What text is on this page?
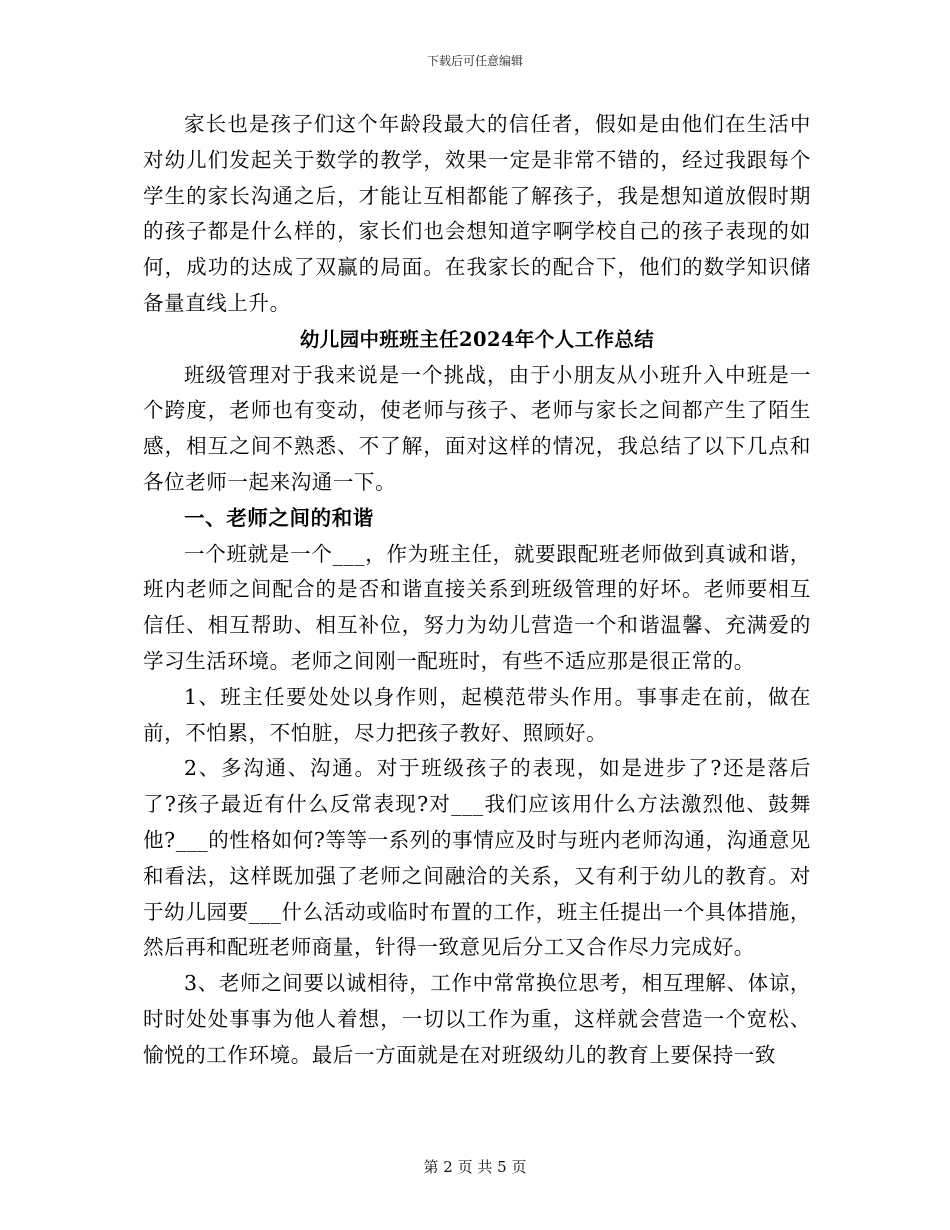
下载后可任意编辑

家长也是孩子们这个年龄段最大的信任者，假如是由他们在生活中对幼儿们发起关于数学的教学，效果一定是非常不错的，经过我跟每个学生的家长沟通之后，才能让互相都能了解孩子，我是想知道放假时期的孩子都是什么样的，家长们也会想知道字啊学校自己的孩子表现的如何，成功的达成了双赢的局面。在我家长的配合下，他们的数学知识储备量直线上升。

幼儿园中班班主任2024年个人工作总结

班级管理对于我来说是一个挑战，由于小朋友从小班升入中班是一个跨度，老师也有变动，使老师与孩子、老师与家长之间都产生了陌生感，相互之间不熟悉、不了解，面对这样的情况，我总结了以下几点和各位老师一起来沟通一下。

一、老师之间的和谐

一个班就是一个___，作为班主任，就要跟配班老师做到真诚和谐，班内老师之间配合的是否和谐直接关系到班级管理的好坏。老师要相互信任、相互帮助、相互补位，努力为幼儿营造一个和谐温馨、充满爱的学习生活环境。老师之间刚一配班时，有些不适应那是很正常的。

1、班主任要处处以身作则，起模范带头作用。事事走在前，做在前，不怕累，不怕脏，尽力把孩子教好、照顾好。

2、多沟通、沟通。对于班级孩子的表现，如是进步了?还是落后了?孩子最近有什么反常表现?对___我们应该用什么方法激烈他、鼓舞他?___的性格如何?等等一系列的事情应及时与班内老师沟通，沟通意见和看法，这样既加强了老师之间融洽的关系，又有利于幼儿的教育。对于幼儿园要___什么活动或临时布置的工作，班主任提出一个具体措施，然后再和配班老师商量，针得一致意见后分工又合作尽力完成好。

3、老师之间要以诚相待，工作中常常换位思考，相互理解、体谅，时时处处事事为他人着想，一切以工作为重，这样就会营造一个宽松、愉悦的工作环境。最后一方面就是在对班级幼儿的教育上要保持一致

第 2 页 共 5 页
